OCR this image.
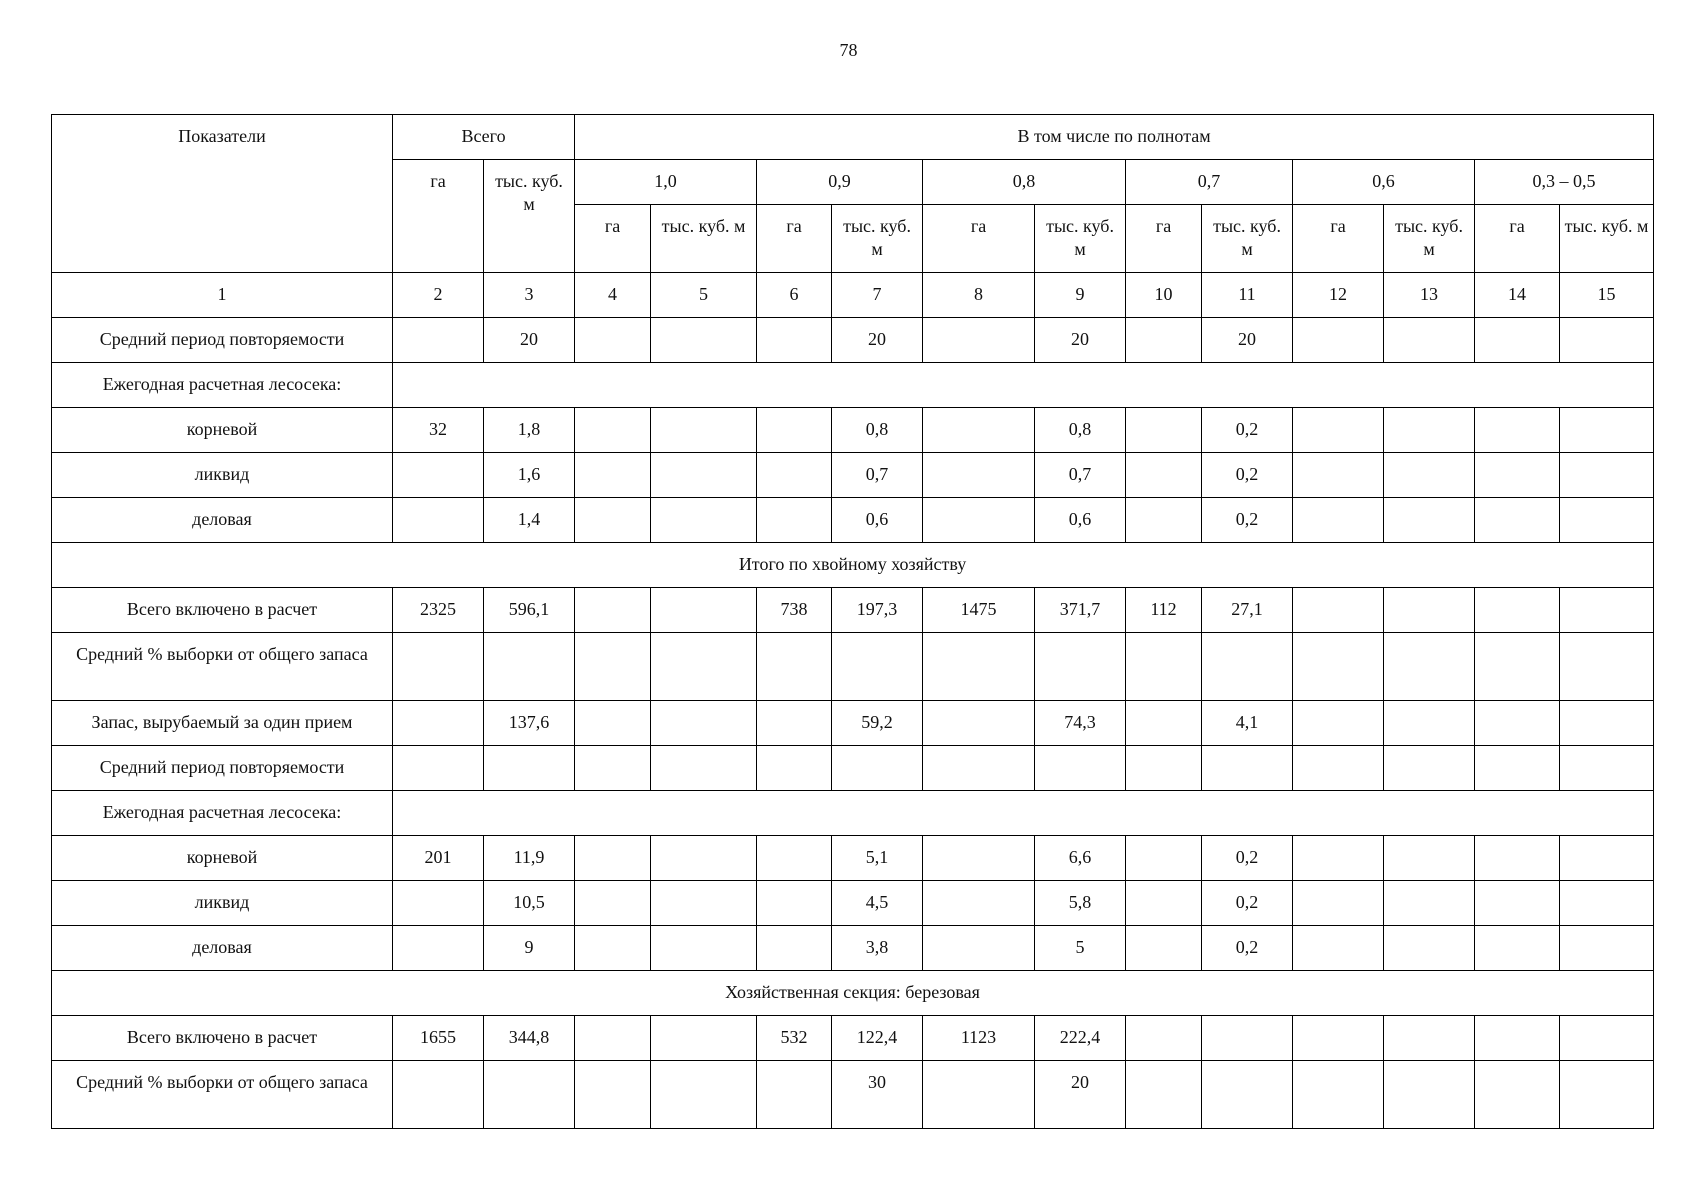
78
Показатели	Всего		В том числе по полнотам											
	га	тыс. куб. м	1,0		0,9		0,8		0,7		0,6		0,3 – 0,5	
			га	тыс. куб. м	га	тыс. куб. м	га	тыс. куб. м	га	тыс. куб. м	га	тыс. куб. м	га	тыс. куб. м
1	2	3	4	5	6	7	8	9	10	11	12	13	14	15
Средний период повторяемости		20				20		20		20				
Ежегодная расчетная лесосека:														
корневой	32	1,8				0,8		0,8		0,2				
ликвид		1,6				0,7		0,7		0,2				
деловая		1,4				0,6		0,6		0,2				
Итого по хвойному хозяйству														
Всего включено в расчет	2325	596,1			738	197,3	1475	371,7	112	27,1				
Средний % выборки от общего запаса														
Запас, вырубаемый за один прием		137,6				59,2		74,3		4,1				
Средний период повторяемости														
Ежегодная расчетная лесосека:														
корневой	201	11,9				5,1		6,6		0,2				
ликвид		10,5				4,5		5,8		0,2				
деловая		9				3,8		5		0,2				
Хозяйственная секция: березовая														
Всего включено в расчет	1655	344,8			532	122,4	1123	222,4						
Средний % выборки от общего запаса						30		20						
